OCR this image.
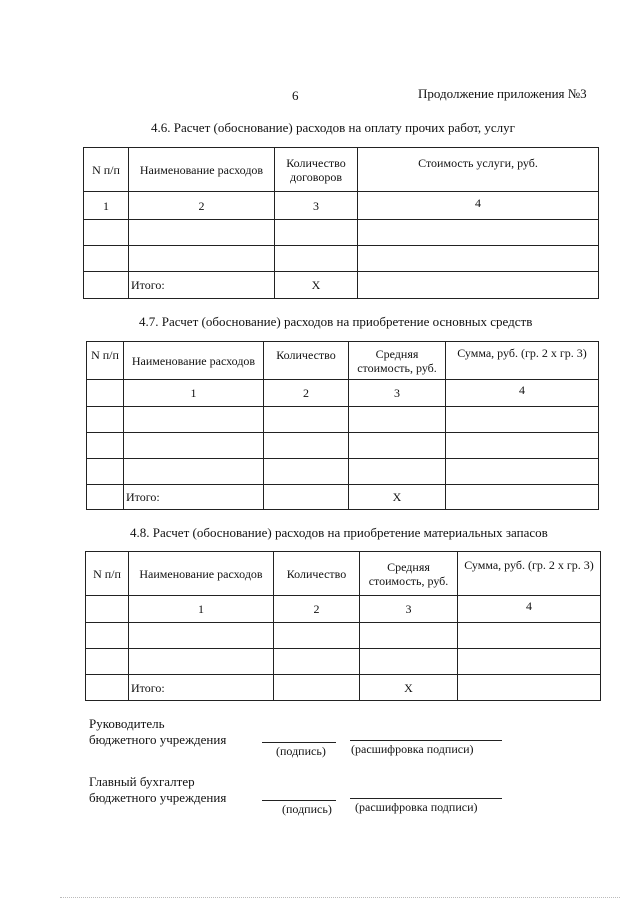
6	Продолжение приложения №3
4.6. Расчет (обоснование) расходов на оплату прочих работ, услуг
N п/п	Наименование расходов	Количество договоров	Стоимость услуги, руб.
1	2	3	4

	Итого:	X	
4.7. Расчет (обоснование) расходов на приобретение основных средств
N п/п	Наименование расходов	Количество	Средняя стоимость, руб.	Сумма, руб. (гр. 2 x гр. 3)
	1	2	3	4

	Итого:		X	
4.8. Расчет (обоснование) расходов на приобретение материальных запасов
N п/п	Наименование расходов	Количество	Средняя стоимость, руб.	Сумма, руб. (гр. 2 x гр. 3)
	1	2	3	4

	Итого:		X	
Руководитель
бюджетного учреждения
(подпись) (расшифровка подписи)
Главный бухгалтер
бюджетного учреждения
(подпись) (расшифровка подписи)
